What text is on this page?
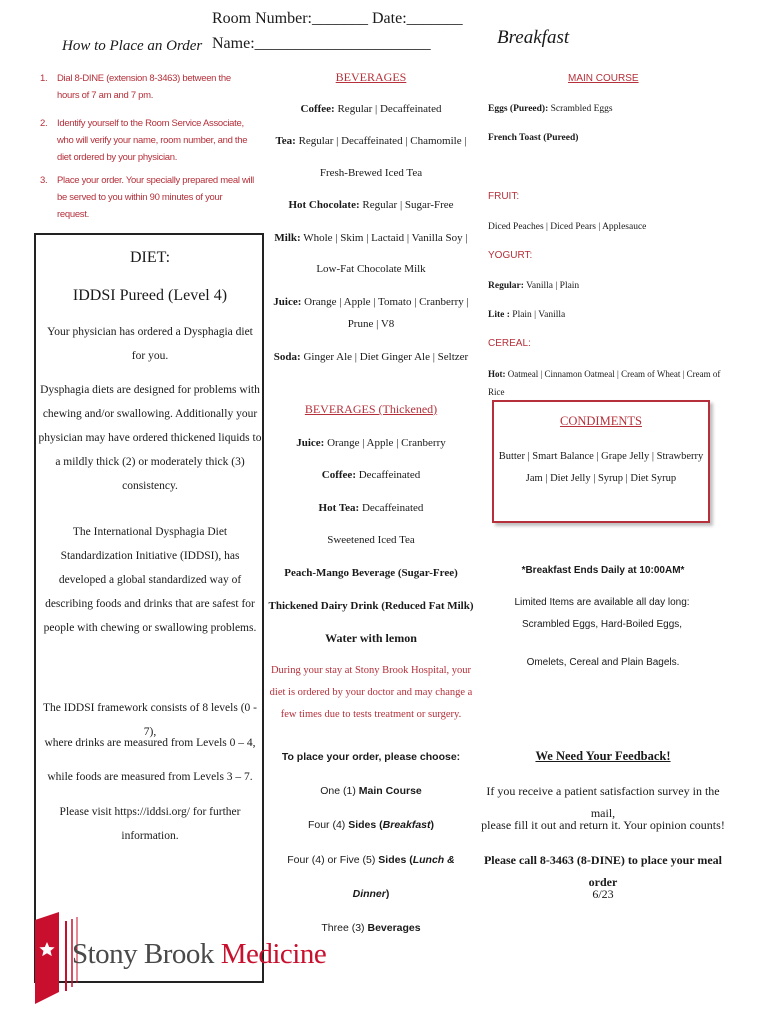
Room Number:_______ Date:_______
Name:______________________
How to Place an Order	Breakfast
1. Dial 8-DINE (extension 8-3463) between the hours of 7 am and 7 pm.
2. Identify yourself to the Room Service Associate, who will verify your name, room number, and the diet ordered by your physician.
3. Place your order. Your specially prepared meal will be served to you within 90 minutes of your request.
DIET:
IDDSI Pureed (Level 4)
Your physician has ordered a Dysphagia diet for you.
Dysphagia diets are designed for problems with chewing and/or swallowing. Additionally your physician may have ordered thickened liquids to a mildly thick (2) or moderately thick (3) consistency.
The International Dysphagia Diet Standardization Initiative (IDDSI), has developed a global standardized way of describing foods and drinks that are safest for people with chewing or swallowing problems.
The IDDSI framework consists of 8 levels (0 - 7),
where drinks are measured from Levels 0 – 4,
while foods are measured from Levels 3 – 7.
Please visit https://iddsi.org/ for further information.
BEVERAGES
Coffee: Regular | Decaffeinated
Tea: Regular | Decaffeinated | Chamomile |
Fresh-Brewed Iced Tea
Hot Chocolate: Regular | Sugar-Free
Milk: Whole | Skim | Lactaid | Vanilla Soy |
Low-Fat Chocolate Milk
Juice: Orange | Apple | Tomato | Cranberry | Prune | V8
Soda: Ginger Ale | Diet Ginger Ale | Seltzer
BEVERAGES (Thickened)
Juice: Orange | Apple | Cranberry
Coffee: Decaffeinated
Hot Tea: Decaffeinated
Sweetened Iced Tea
Peach-Mango Beverage (Sugar-Free)
Thickened Dairy Drink (Reduced Fat Milk)
Water with lemon
During your stay at Stony Brook Hospital, your diet is ordered by your doctor and may change a few times due to tests treatment or surgery.
To place your order, please choose:
One (1) Main Course
Four (4) Sides (Breakfast)
Four (4) or Five (5) Sides (Lunch &
Dinner)
Three (3) Beverages
MAIN COURSE
Eggs (Pureed): Scrambled Eggs
French Toast (Pureed)
FRUIT:
Diced Peaches | Diced Pears | Applesauce
YOGURT:
Regular: Vanilla | Plain
Lite : Plain | Vanilla
CEREAL:
Hot: Oatmeal | Cinnamon Oatmeal | Cream of Wheat | Cream of Rice
CONDIMENTS
Butter | Smart Balance | Grape Jelly | Strawberry Jam | Diet Jelly | Syrup | Diet Syrup
*Breakfast Ends Daily at 10:00AM*
Limited Items are available all day long: Scrambled Eggs, Hard-Boiled Eggs,
Omelets, Cereal and Plain Bagels.
We Need Your Feedback!
If you receive a patient satisfaction survey in the mail,
please fill it out and return it. Your opinion counts!
Please call 8-3463 (8-DINE) to place your meal order
6/23
Stony Brook Medicine
